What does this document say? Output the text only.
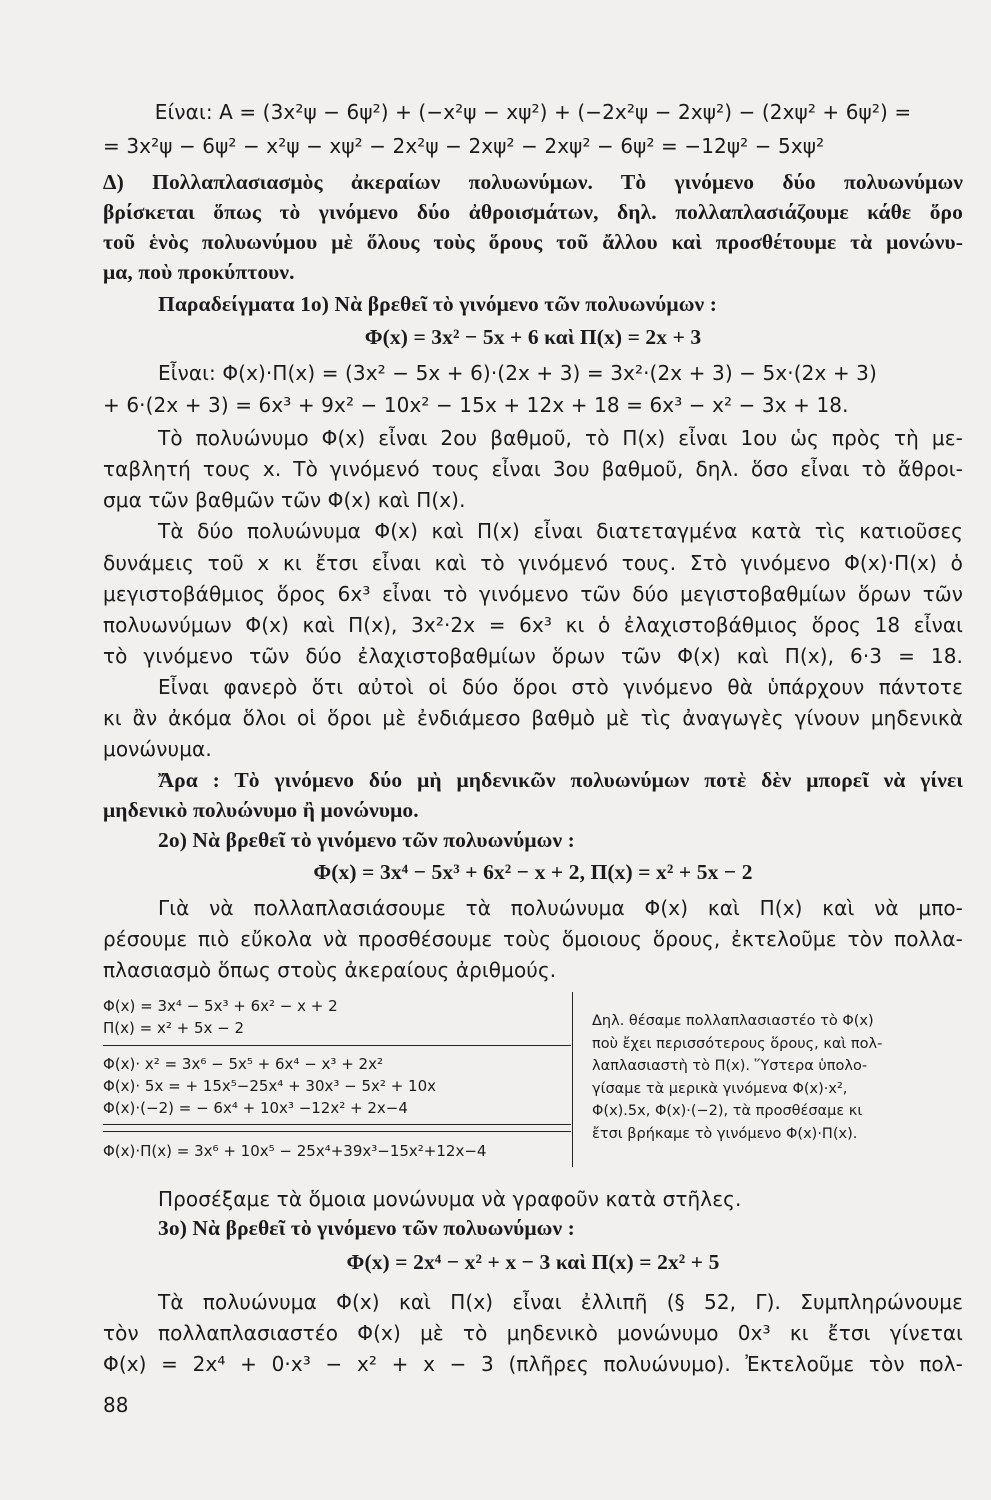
Είναι: A = (3x²ψ − 6ψ²) + (−x²ψ − xψ²) + (−2x²ψ − 2xψ²) − (2xψ² + 6ψ²) =
= 3x²ψ − 6ψ² − x²ψ − xψ² − 2x²ψ − 2xψ² − 2xψ² − 6ψ² = −12ψ² − 5xψ²
Δ) Πολλαπλασιασμὸς ἀκεραίων πολυωνύμων. Τὸ γινόμενο δύο πολυωνύμων
βρίσκεται ὅπως τὸ γινόμενο δύο ἀθροισμάτων, δηλ. πολλαπλασιάζουμε κάθε ὅρο
τοῦ ἑνὸς πολυωνύμου μὲ ὅλους τοὺς ὅρους τοῦ ἄλλου καὶ προσθέτουμε τὰ μονώνυ-
μα, ποὺ προκύπτουν.
Παραδείγματα 1ο) Νὰ βρεθεῖ τὸ γινόμενο τῶν πολυωνύμων :
Φ(x) = 3x² − 5x + 6 καὶ Π(x) = 2x + 3
Εἶναι: Φ(x)·Π(x) = (3x² − 5x + 6)·(2x + 3) = 3x²·(2x + 3) − 5x·(2x + 3)
+ 6·(2x + 3) = 6x³ + 9x² − 10x² − 15x + 12x + 18 = 6x³ − x² − 3x + 18.
Τὸ πολυώνυμο Φ(x) εἶναι 2ου βαθμοῦ, τὸ Π(x) εἶναι 1ου ὡς πρὸς τὴ με-
ταβλητή τους x. Τὸ γινόμενό τους εἶναι 3ου βαθμοῦ, δηλ. ὅσο εἶναι τὸ ἄθροι-
σμα τῶν βαθμῶν τῶν Φ(x) καὶ Π(x).
Τὰ δύο πολυώνυμα Φ(x) καὶ Π(x) εἶναι διατεταγμένα κατὰ τὶς κατιοῦσες
δυνάμεις τοῦ x κι ἔτσι εἶναι καὶ τὸ γινόμενό τους. Στὸ γινόμενο Φ(x)·Π(x) ὁ
μεγιστοβάθμιος ὅρος 6x³ εἶναι τὸ γινόμενο τῶν δύο μεγιστοβαθμίων ὅρων τῶν
πολυωνύμων Φ(x) καὶ Π(x), 3x²·2x = 6x³ κι ὁ ἐλαχιστοβάθμιος ὅρος 18 εἶναι
τὸ γινόμενο τῶν δύο ἐλαχιστοβαθμίων ὅρων τῶν Φ(x) καὶ Π(x), 6·3 = 18.
Εἶναι φανερὸ ὅτι αὐτοὶ οἱ δύο ὅροι στὸ γινόμενο θὰ ὑπάρχουν πάντοτε
κι ἂν ἀκόμα ὅλοι οἱ ὅροι μὲ ἐνδιάμεσο βαθμὸ μὲ τὶς ἀναγωγὲς γίνουν μηδενικὰ
μονώνυμα.
Ἄρα : Τὸ γινόμενο δύο μὴ μηδενικῶν πολυωνύμων ποτὲ δὲν μπορεῖ νὰ γίνει
μηδενικὸ πολυώνυμο ἢ μονώνυμο.
2ο) Νὰ βρεθεῖ τὸ γινόμενο τῶν πολυωνύμων :
Φ(x) = 3x⁴ − 5x³ + 6x² − x + 2, Π(x) = x² + 5x − 2
Γιὰ νὰ πολλαπλασιάσουμε τὰ πολυώνυμα Φ(x) καὶ Π(x) καὶ νὰ μπο-
ρέσουμε πιὸ εὔκολα νὰ προσθέσουμε τοὺς ὅμοιους ὅρους, ἐκτελοῦμε τὸν πολλα-
πλασιασμὸ ὅπως στοὺς ἀκεραίους ἀριθμούς.
Φ(x) = 3x⁴ − 5x³ + 6x² − x + 2
Π(x) = x² + 5x − 2
Φ(x)· x² = 3x⁶ − 5x⁵ + 6x⁴ − x³ + 2x²
Φ(x)· 5x = + 15x⁵−25x⁴ + 30x³ − 5x² + 10x
Φ(x)·(−2) = − 6x⁴ + 10x³ −12x² + 2x−4
Φ(x)·Π(x) = 3x⁶ + 10x⁵ − 25x⁴+39x³−15x²+12x−4
Δηλ. θέσαμε πολλαπλασιαστέο τὸ Φ(x)
ποὺ ἔχει περισσότερους ὅρους, καὶ πολ-
λαπλασιαστὴ τὸ Π(x). Ὕστερα ὑπολο-
γίσαμε τὰ μερικὰ γινόμενα Φ(x)·x²,
Φ(x).5x, Φ(x)·(−2), τὰ προσθέσαμε κι
ἔτσι βρήκαμε τὸ γινόμενο Φ(x)·Π(x).
Προσέξαμε τὰ ὅμοια μονώνυμα νὰ γραφοῦν κατὰ στῆλες.
3ο) Νὰ βρεθεῖ τὸ γινόμενο τῶν πολυωνύμων :
Φ(x) = 2x⁴ − x² + x − 3 καὶ Π(x) = 2x² + 5
Τὰ πολυώνυμα Φ(x) καὶ Π(x) εἶναι ἐλλιπῆ (§ 52, Γ). Συμπληρώνουμε
τὸν πολλαπλασιαστέο Φ(x) μὲ τὸ μηδενικὸ μονώνυμο 0x³ κι ἔτσι γίνεται
Φ(x) = 2x⁴ + 0·x³ − x² + x − 3 (πλῆρες πολυώνυμο). Ἐκτελοῦμε τὸν πολ-
88
